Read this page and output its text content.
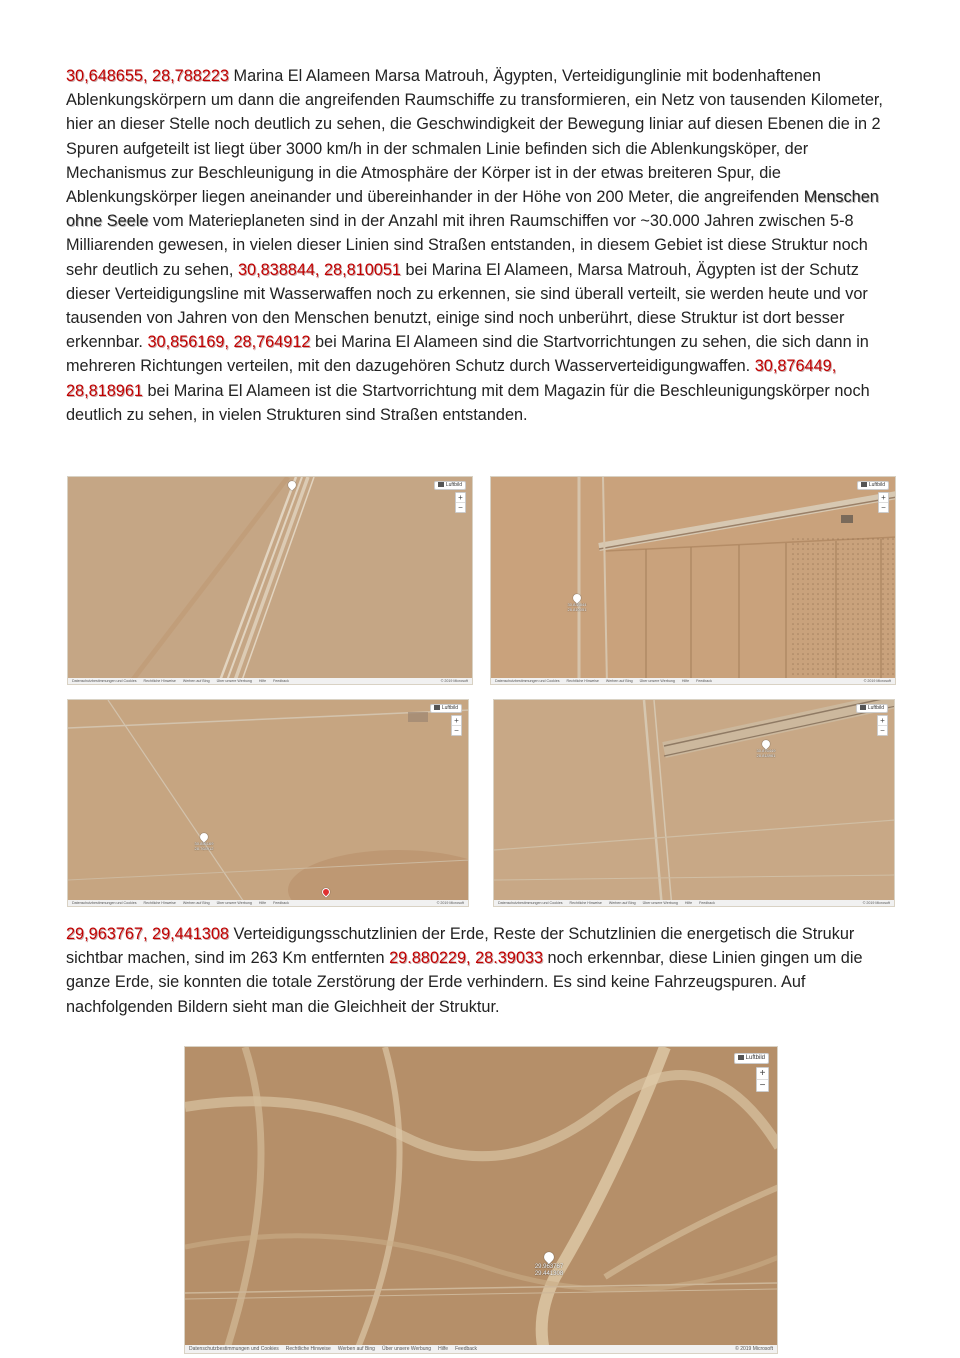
30,648655, 28,788223 Marina El Alameen Marsa Matrouh, Ägypten, Verteidigunglinie mit bodenhaftenen Ablenkungskörpern um dann die angreifenden Raumschiffe zu transformieren, ein Netz von tausenden Kilometer, hier an dieser Stelle noch deutlich zu sehen, die Geschwindigkeit der Bewegung liniar auf diesen Ebenen die in 2 Spuren aufgeteilt ist liegt über 3000 km/h in der schmalen Linie befinden sich die Ablenkungsköper, der Mechanismus zur Beschleunigung in die Atmosphäre der Körper ist in der etwas breiteren Spur, die Ablenkungskörper liegen aneinander und übereinhander in der Höhe von 200 Meter, die angreifenden Menschen ohne Seele vom Materieplaneten sind in der Anzahl mit ihren Raumschiffen vor ~30.000 Jahren zwischen 5-8 Milliarenden gewesen, in vielen dieser Linien sind Straßen entstanden, in diesem Gebiet ist diese Struktur noch sehr deutlich zu sehen, 30,838844, 28,810051 bei Marina El Alameen, Marsa Matrouh, Ägypten ist der Schutz dieser Verteidigungsline mit Wasserwaffen noch zu erkennen, sie sind überall verteilt, sie werden heute und vor tausenden von Jahren von den Menschen benutzt, einige sind noch unberührt, diese Struktur ist dort besser erkennbar. 30,856169, 28,764912 bei Marina El Alameen sind die Startvorrichtungen zu sehen, die sich dann in mehreren Richtungen verteilen, mit den dazugehören Schutz durch Wasserverteidigungwaffen. 30,876449, 28,818961 bei Marina El Alameen ist die Startvorrichtung mit dem Magazin für die Beschleunigungskörper noch deutlich zu sehen, in vielen Strukturen sind Straßen entstanden.

Luftbild
+
−
Datenschutzbestimmungen und Cookies Rechtliche Hinweise Werben auf Bing Über unsere Werbung Hilfe Feedback	© 2019 Microsoft
30.838844
28.810051
Luftbild
+
−
Datenschutzbestimmungen und Cookies Rechtliche Hinweise Werben auf Bing Über unsere Werbung Hilfe Feedback	© 2019 Microsoft
30.856169
28.764912
Luftbild
+
−
Datenschutzbestimmungen und Cookies Rechtliche Hinweise Werben auf Bing Über unsere Werbung Hilfe Feedback	© 2019 Microsoft
30.876449
28.818961
Luftbild
+
−
Datenschutzbestimmungen und Cookies Rechtliche Hinweise Werben auf Bing Über unsere Werbung Hilfe Feedback	© 2019 Microsoft

29,963767, 29,441308 Verteidigungsschutzlinien der Erde, Reste der Schutzlinien die energetisch die Strukur sichtbar machen, sind im 263 Km entfernten 29.880229, 28.39033 noch erkennbar, diese Linien gingen um die ganze Erde, sie konnten die totale Zerstörung der Erde verhindern. Es sind keine Fahrzeugspuren. Auf nachfolgenden Bildern sieht man die Gleichheit der Struktur.

29.963767
29.441308
Luftbild
+
−
Datenschutzbestimmungen und Cookies Rechtliche Hinweise Werben auf Bing Über unsere Werbung Hilfe Feedback	© 2019 Microsoft
